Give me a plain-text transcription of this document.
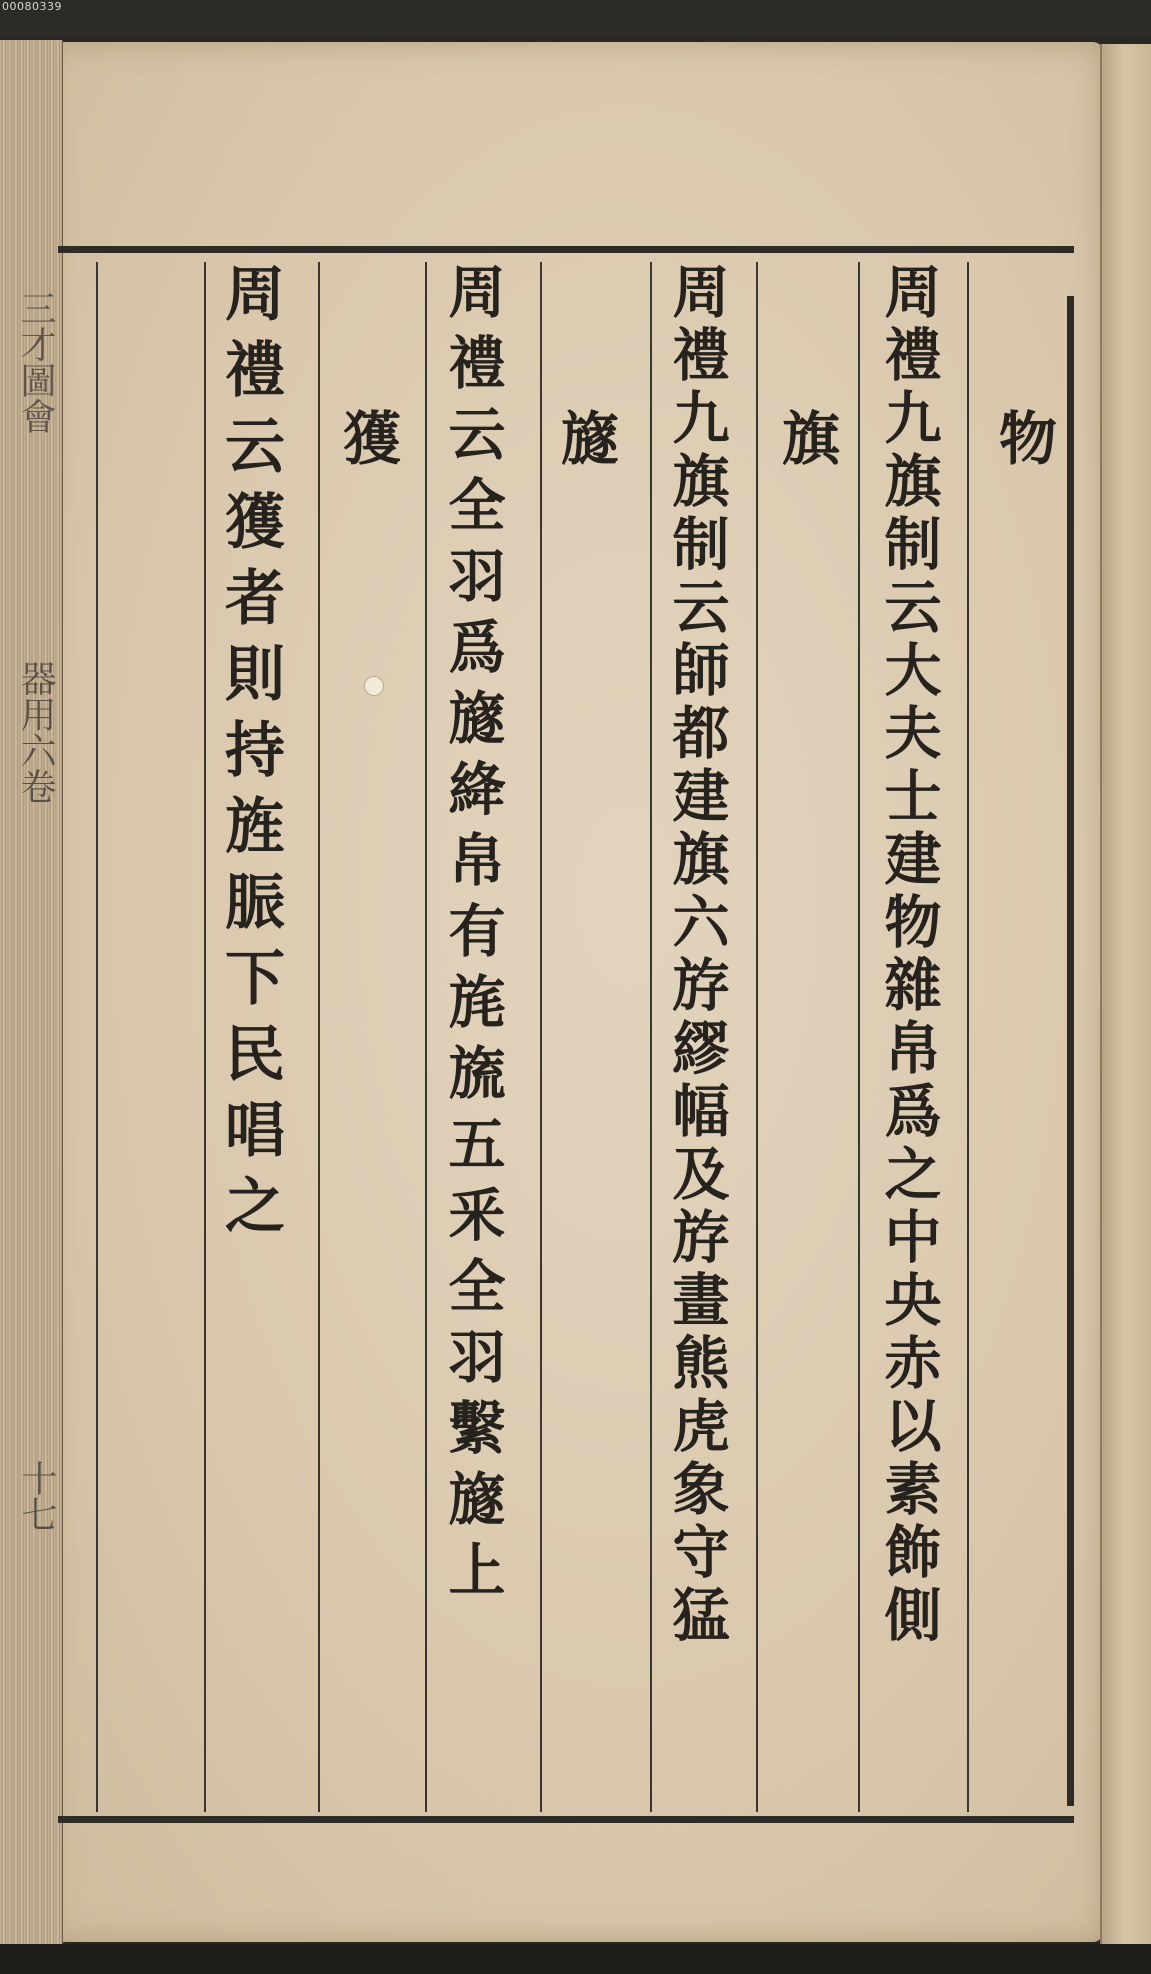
00080339
三才圖會
器用六卷
十七
物
周禮九旗制云大夫士建物雜帛爲之中央赤以素飾側
旗
周禮九旗制云師都建旗六斿繆幅及斿畫熊虎象守猛
旞
周禮云全羽爲旞絳帛有旄旒五釆全羽繫旞上
獲
周禮云獲者則持旌脤下民唱之
